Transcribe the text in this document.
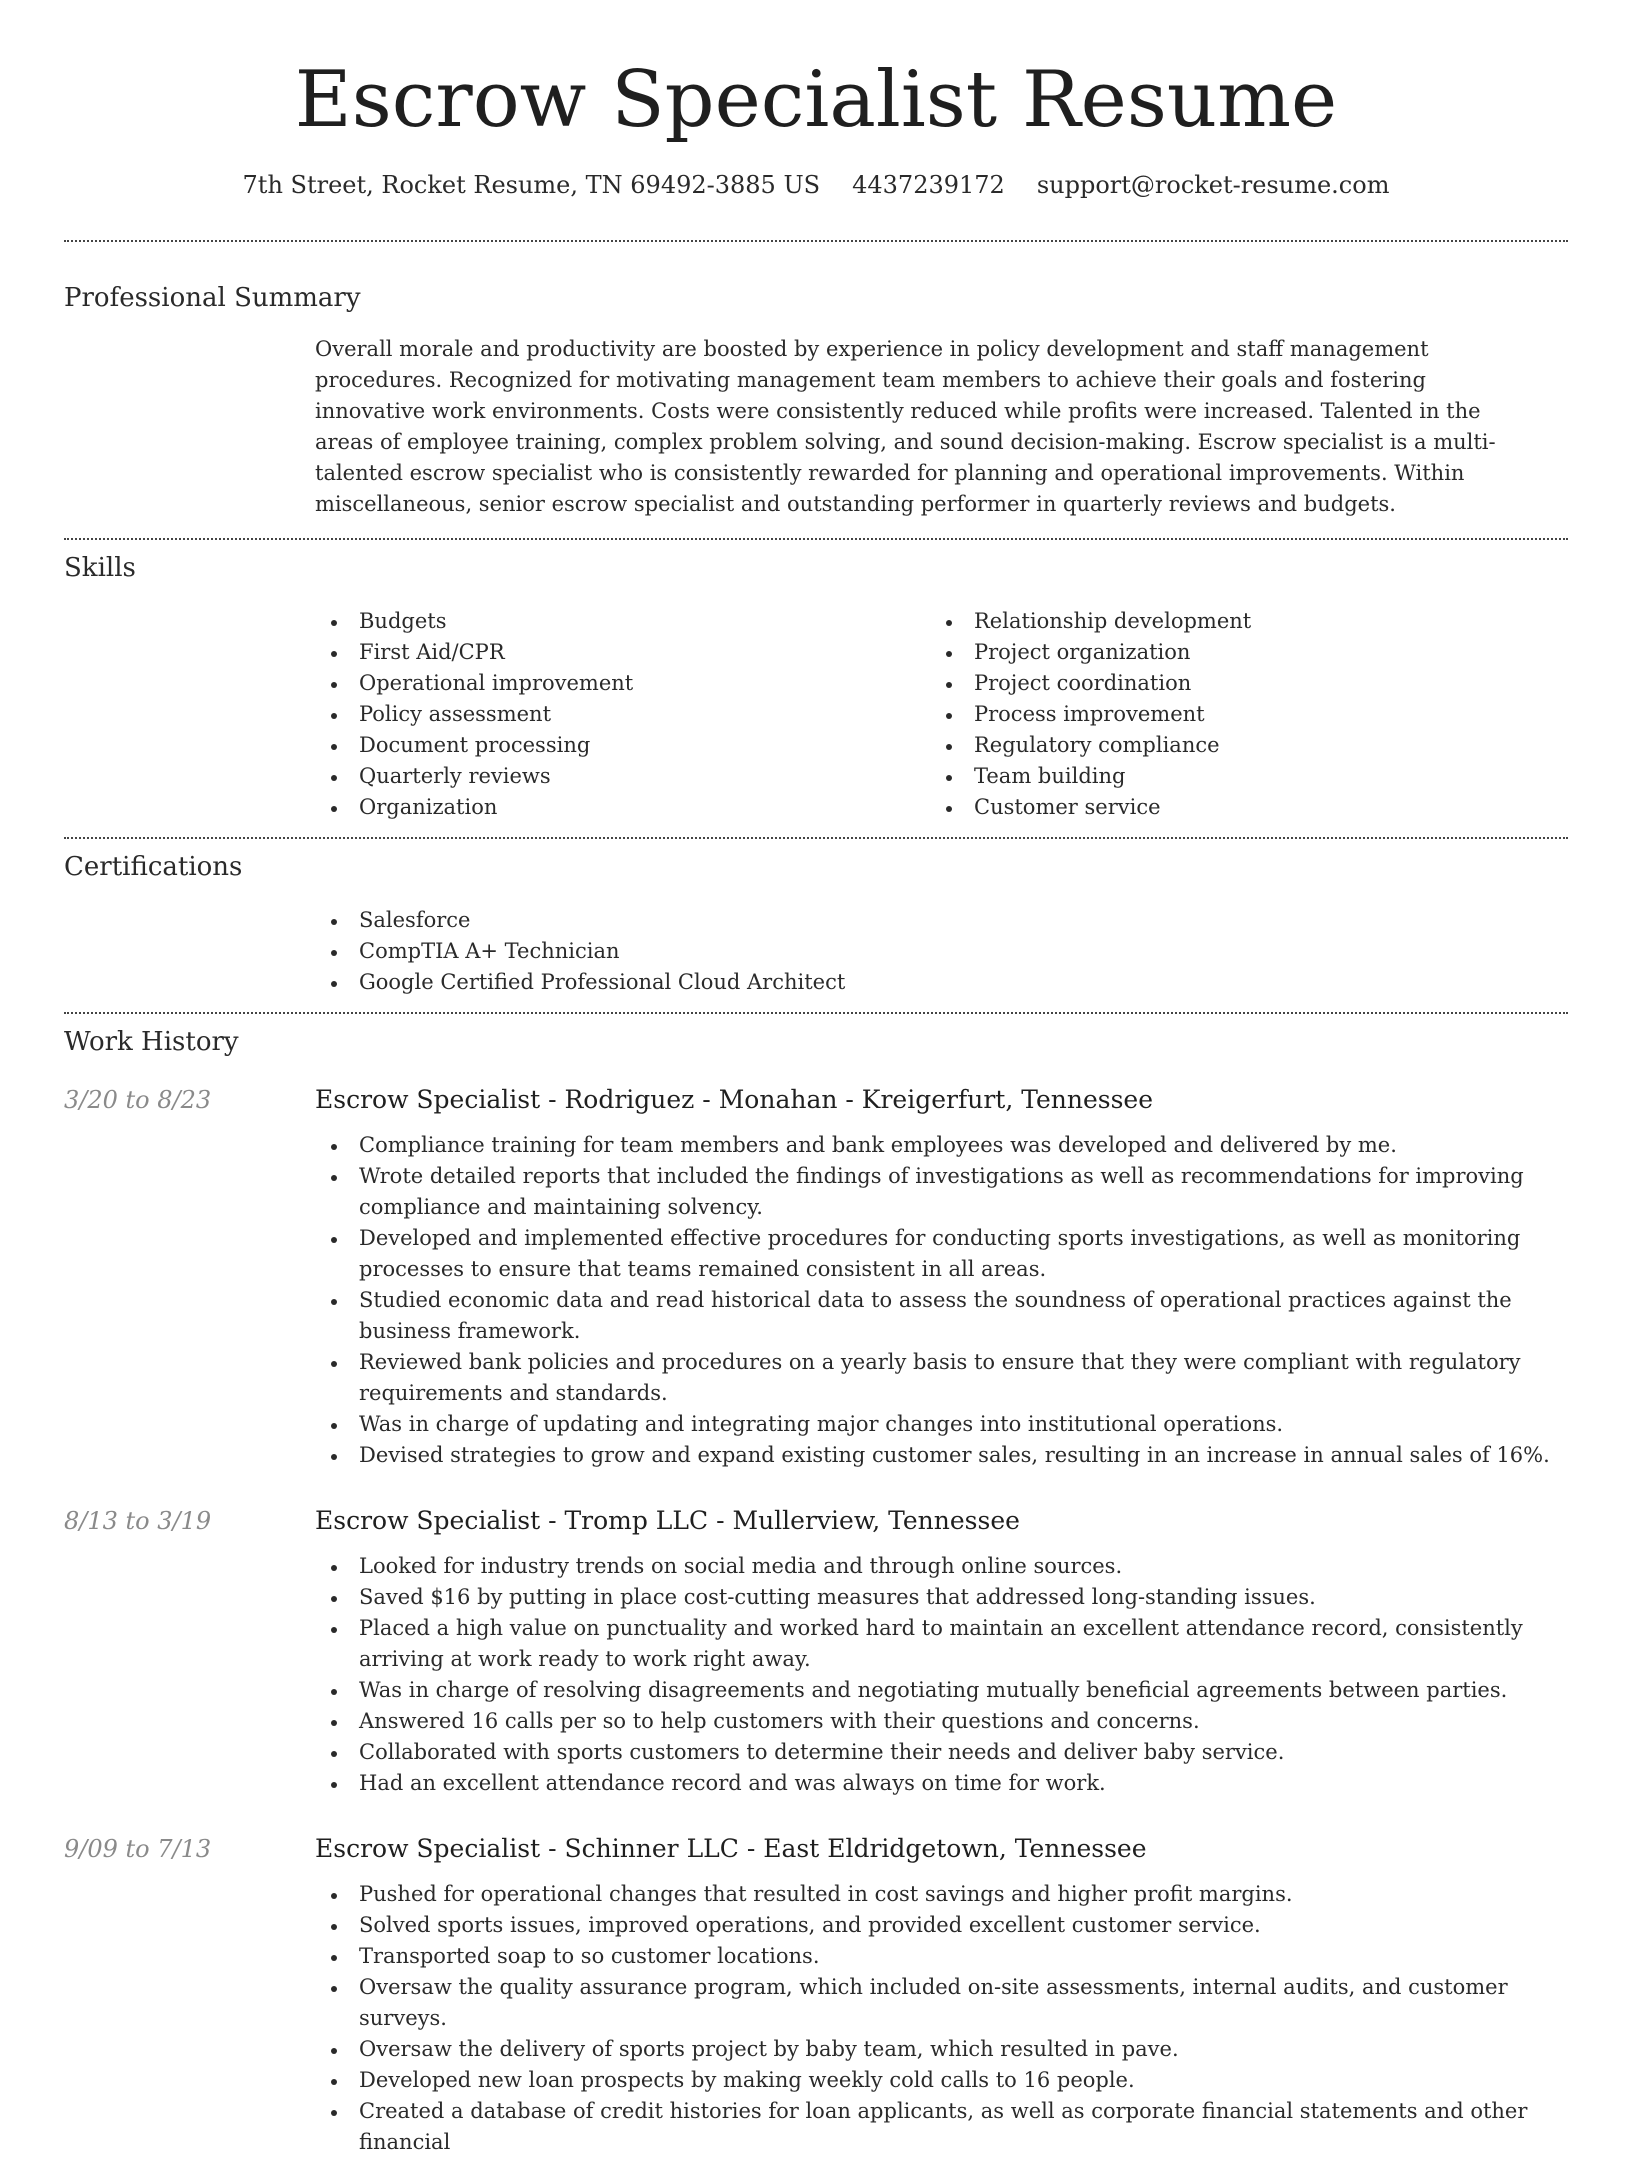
Escrow Specialist Resume
7th Street, Rocket Resume, TN 69492-3885 US 4437239172 support@rocket-resume.com
Professional Summary

Overall morale and productivity are boosted by experience in policy development and staff management procedures. Recognized for motivating management team members to achieve their goals and fostering innovative work environments. Costs were consistently reduced while profits were increased. Talented in the areas of employee training, complex problem solving, and sound decision-making. Escrow specialist is a multi-talented escrow specialist who is consistently rewarded for planning and operational improvements. Within miscellaneous, senior escrow specialist and outstanding performer in quarterly reviews and budgets.

Skills
Budgets
First Aid/CPR
Operational improvement
Policy assessment
Document processing
Quarterly reviews
Organization
Relationship development
Project organization
Project coordination
Process improvement
Regulatory compliance
Team building
Customer service
Certifications
Salesforce
CompTIA A+ Technician
Google Certified Professional Cloud Architect
Work History
3/20 to 8/23	Escrow Specialist - Rodriguez - Monahan - Kreigerfurt, Tennessee
Compliance training for team members and bank employees was developed and delivered by me.
Wrote detailed reports that included the findings of investigations as well as recommendations for improving compliance and maintaining solvency.
Developed and implemented effective procedures for conducting sports investigations, as well as monitoring processes to ensure that teams remained consistent in all areas.
Studied economic data and read historical data to assess the soundness of operational practices against the business framework.
Reviewed bank policies and procedures on a yearly basis to ensure that they were compliant with regulatory requirements and standards.
Was in charge of updating and integrating major changes into institutional operations.
Devised strategies to grow and expand existing customer sales, resulting in an increase in annual sales of 16%.
8/13 to 3/19	Escrow Specialist - Tromp LLC - Mullerview, Tennessee
Looked for industry trends on social media and through online sources.
Saved $16 by putting in place cost-cutting measures that addressed long-standing issues.
Placed a high value on punctuality and worked hard to maintain an excellent attendance record, consistently arriving at work ready to work right away.
Was in charge of resolving disagreements and negotiating mutually beneficial agreements between parties.
Answered 16 calls per so to help customers with their questions and concerns.
Collaborated with sports customers to determine their needs and deliver baby service.
Had an excellent attendance record and was always on time for work.
9/09 to 7/13	Escrow Specialist - Schinner LLC - East Eldridgetown, Tennessee
Pushed for operational changes that resulted in cost savings and higher profit margins.
Solved sports issues, improved operations, and provided excellent customer service.
Transported soap to so customer locations.
Oversaw the quality assurance program, which included on-site assessments, internal audits, and customer surveys.
Oversaw the delivery of sports project by baby team, which resulted in pave.
Developed new loan prospects by making weekly cold calls to 16 people.
Created a database of credit histories for loan applicants, as well as corporate financial statements and other financial
